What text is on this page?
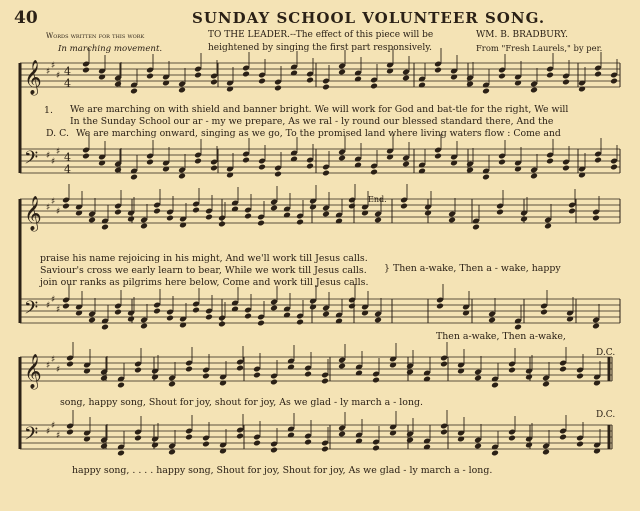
𝄞
𝄞
𝄞
𝄢
𝄢
𝄢
♯
♯
♯
♯
♯
♯
4
4
4
4
♯
♯
♯
♯
♯
♯
♯
♯
♯
♯
♯
♯
40	SUNDAY SCHOOL VOLUNTEER SONG.
Words written for this work	TO THE LEADER.--The effect of this piece will be	WM. B. BRADBURY.
In marching movement.	heightened by singing the first part responsively.	From "Fresh Laurels," by per.
1. We are marching on with shield and banner bright. We will work for God and bat-tle for the right, We will
In the Sunday School our ar - my we prepare, As we ral - ly round our blessed standard there, And the
D. C. We are marching onward, singing as we go, To the promised land where living waters flow : Come and
End.
praise his name rejoicing in his might, And we'll work till Jesus calls.
Saviour's cross we early learn to bear, While we work till Jesus calls.
join our ranks as pilgrims here below, Come and work till Jesus calls.
} Then a-wake, Then a - wake, happy
Then a-wake, Then a-wake,
D.C.
D.C.
song, happy song, Shout for joy, shout for joy, As we glad - ly march a - long.
happy song, . . . . happy song, Shout for joy, Shout for joy, As we glad - ly march a - long.
